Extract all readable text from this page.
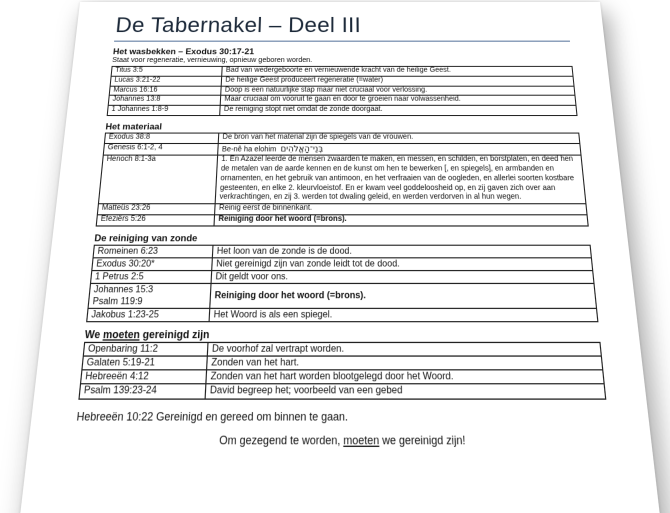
De Tabernakel – Deel III
Het wasbekken – Exodus 30:17-21
Staat voor regeneratie, vernieuwing, opnieuw geboren worden.
Titus 3:5	Bad van wedergeboorte en vernieuwende kracht van de heilige Geest.

Lucas 3:21-22	De heilige Geest produceert regeneratie (=water)

Marcus 16:16	Doop is een natuurlijke stap maar niet cruciaal voor verlossing.

Johannes 13:8	Maar cruciaal om vooruit te gaan en door te groeien naar volwassenheid.

1 Johannes 1:8-9	De reiniging stopt niet omdat de zonde doorgaat.
Het materiaal
Exodus 38:8	De bron van het material zijn de spiegels van de vrouwen.

Genesis 6:1-2, 4	Be-nê ha elohim בְּנֵי־הָאֱלֹהִים

Henoch 8:1-3a	1. En Azazel leerde de mensen zwaarden te maken, en messen, en schilden, en borstplaten, en deed hen de metalen van de aarde kennen en de kunst om hen te bewerken [, en spiegels], en armbanden en ornamenten, en het gebruik van antimoon, en het verfraaien van de oogleden, en allerlei soorten kostbare gesteenten, en elke 2. kleurvloeistof. En er kwam veel goddeloosheid op, en zij gaven zich over aan verkrachtingen, en zij 3. werden tot dwaling geleid, en werden verdorven in al hun wegen.

Matteüs 23:26	Reinig eerst de binnenkant.

Efeziërs 5:26	Reiniging door het woord (=brons).
De reiniging van zonde
Romeinen 6:23	Het loon van de zonde is de dood.

Exodus 30:20*	Niet gereinigd zijn van zonde leidt tot de dood.

1 Petrus 2:5	Dit geldt voor ons.

Johannes 15:3
Psalm 119:9	Reiniging door het woord (=brons).

Jakobus 1:23-25	Het Woord is als een spiegel.
We moeten gereinigd zijn
Openbaring 11:2	De voorhof zal vertrapt worden.

Galaten 5:19-21	Zonden van het hart.

Hebreeën 4:12	Zonden van het hart worden blootgelegd door het Woord.

Psalm 139:23-24	David begreep het; voorbeeld van een gebed
Hebreeën 10:22 Gereinigd en gereed om binnen te gaan.
Om gezegend te worden, moeten we gereinigd zijn!
